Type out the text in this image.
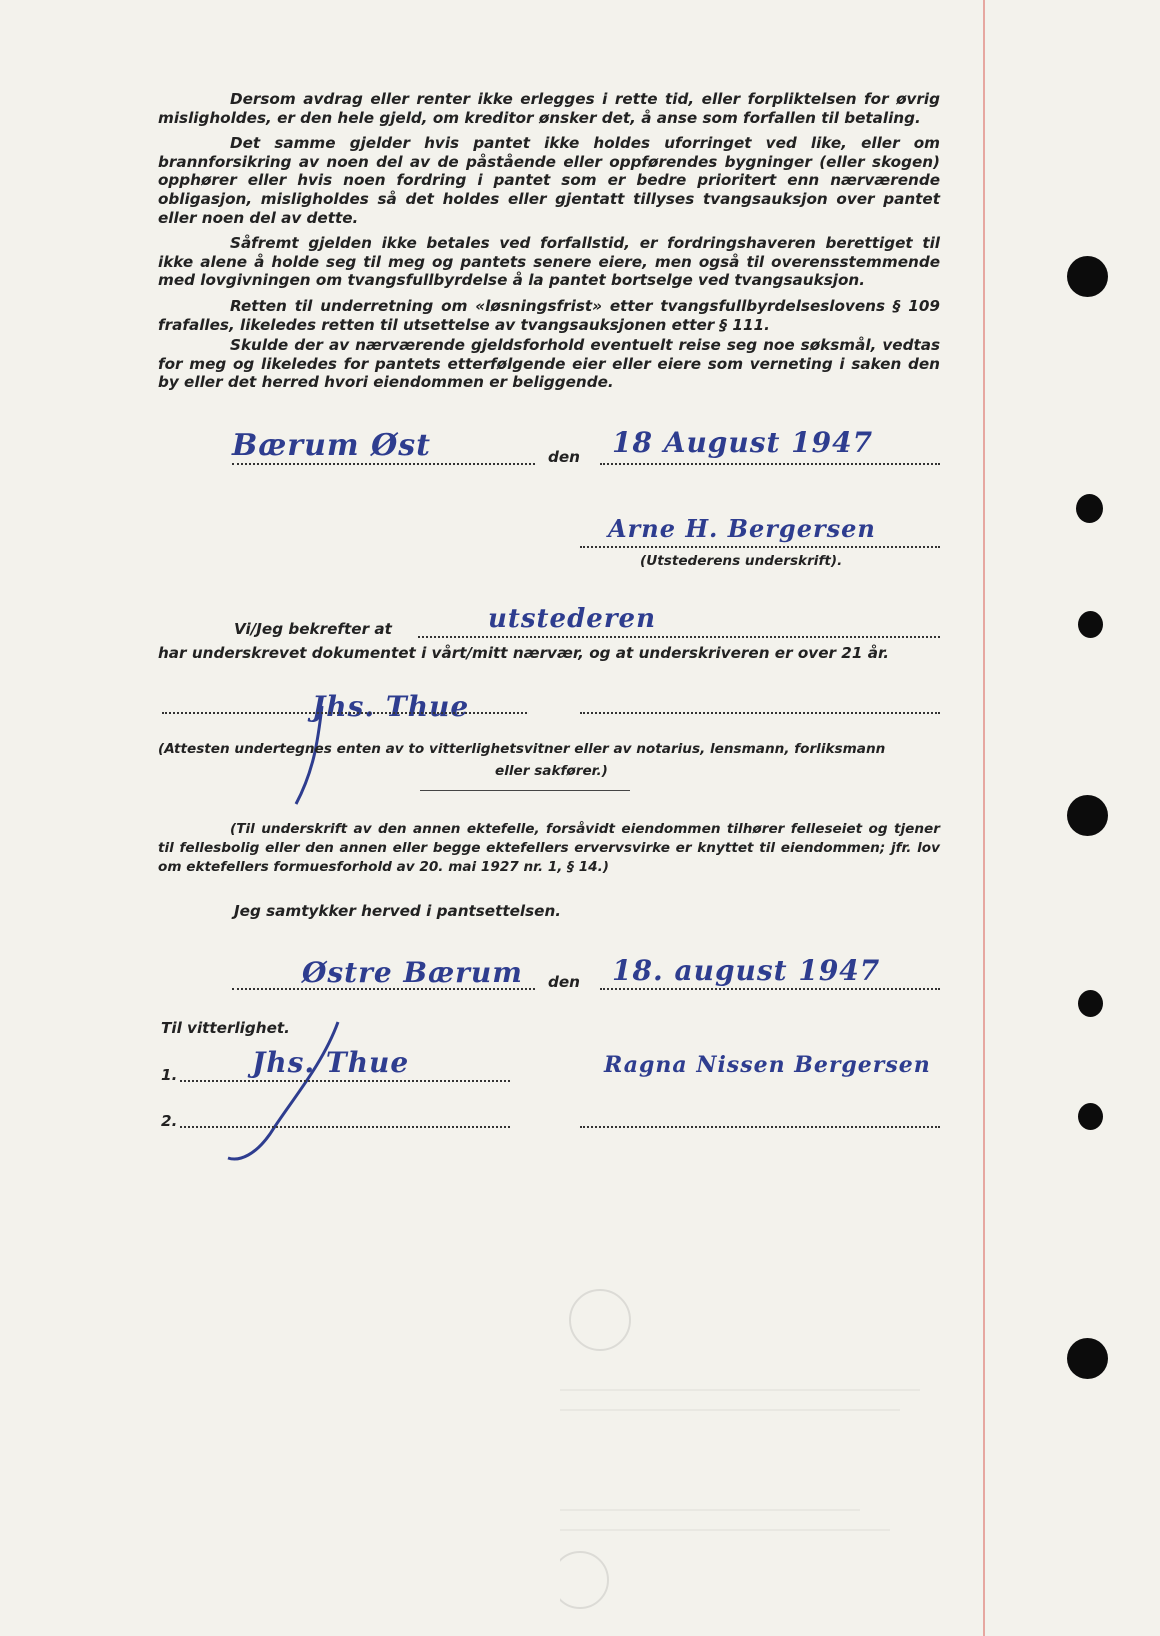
Dersom avdrag eller renter ikke erlegges i rette tid, eller forpliktelsen for øvrig misligholdes, er den hele gjeld, om kreditor ønsker det, å anse som forfallen til betaling.

Det samme gjelder hvis pantet ikke holdes uforringet ved like, eller om brannforsikring av noen del av de påstående eller oppførendes bygninger (eller skogen) opphører eller hvis noen fordring i pantet som er bedre prioritert enn nærværende obligasjon, misligholdes så det holdes eller gjentatt tillyses tvangsauksjon over pantet eller noen del av dette.

Såfremt gjelden ikke betales ved forfallstid, er fordringshaveren berettiget til ikke alene å holde seg til meg og pantets senere eiere, men også til overensstemmende med lovgivningen om tvangsfullbyrdelse å la pantet bortselge ved tvangsauksjon.

Retten til underretning om «løsningsfrist» etter tvangsfullbyrdelseslovens § 109 frafalles, likeledes retten til utsettelse av tvangsauksjonen etter § 111.

Skulde der av nærværende gjeldsforhold eventuelt reise seg noe søksmål, vedtas for meg og likeledes for pantets etterfølgende eier eller eiere som verneting i saken den by eller det herred hvori eiendommen er beliggende.

Bærum Øst	den 18 August 1947
Arne H. Bergersen
(Utstederens underskrift).
Vi/Jeg bekrefter at	utstederen
har underskrevet dokumentet i vårt/mitt nærvær, og at underskriveren er over 21 år.
Jhs. Thue

(Attesten undertegnes enten av to vitterlighetsvitner eller av notarius, lensmann, forliksmann

eller sakfører.)

(Til underskrift av den annen ektefelle, forsåvidt eiendommen tilhører felleseiet og tjener til fellesbolig eller den annen eller begge ektefellers ervervsvirke er knyttet til eiendommen; jfr. lov om ektefellers formuesforhold av 20. mai 1927 nr. 1, § 14.)

Jeg samtykker herved i pantsettelsen.
Østre Bærum den 18. august 1947
Til vitterlighet.
1.	Jhs. Thue	Ragna Nissen Bergersen
2.
